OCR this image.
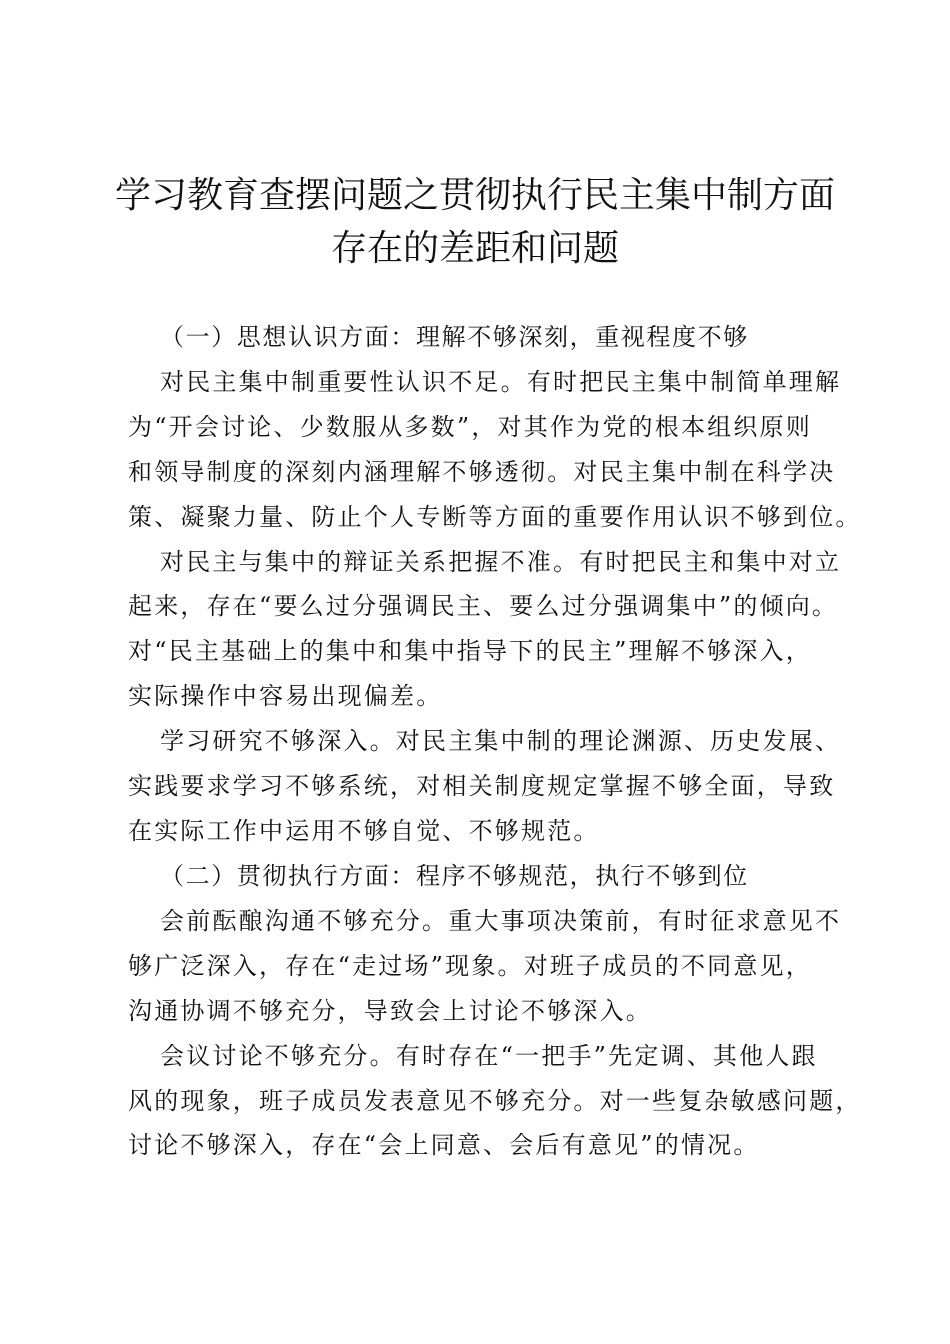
学习教育查摆问题之贯彻执行民主集中制方面
存在的差距和问题
（一）思想认识方面：理解不够深刻，重视程度不够
对民主集中制重要性认识不足。有时把民主集中制简单理解
为“开会讨论、少数服从多数”，对其作为党的根本组织原则
和领导制度的深刻内涵理解不够透彻。对民主集中制在科学决
策、凝聚力量、防止个人专断等方面的重要作用认识不够到位。
对民主与集中的辩证关系把握不准。有时把民主和集中对立
起来，存在“要么过分强调民主、要么过分强调集中”的倾向。
对“民主基础上的集中和集中指导下的民主”理解不够深入，
实际操作中容易出现偏差。
学习研究不够深入。对民主集中制的理论渊源、历史发展、
实践要求学习不够系统，对相关制度规定掌握不够全面，导致
在实际工作中运用不够自觉、不够规范。
（二）贯彻执行方面：程序不够规范，执行不够到位
会前酝酿沟通不够充分。重大事项决策前，有时征求意见不
够广泛深入，存在“走过场”现象。对班子成员的不同意见，
沟通协调不够充分，导致会上讨论不够深入。
会议讨论不够充分。有时存在“一把手”先定调、其他人跟
风的现象，班子成员发表意见不够充分。对一些复杂敏感问题，
讨论不够深入，存在“会上同意、会后有意见”的情况。
